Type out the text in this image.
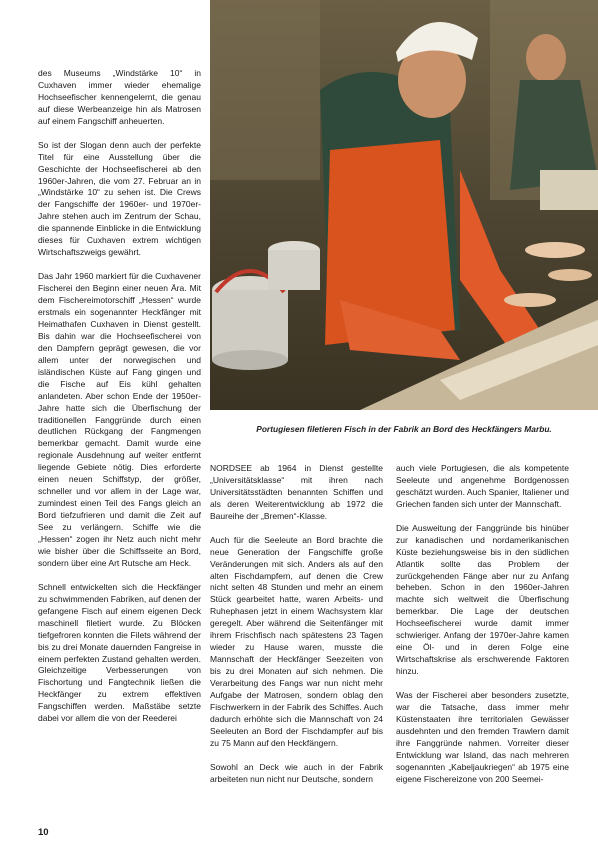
des Museums „Windstärke 10“ in Cuxhaven immer wieder ehemalige Hochseefischer kennengelernt, die genau auf diese Werbeanzeige hin als Matrosen auf einem Fangschiff anheuerten.

So ist der Slogan denn auch der perfekte Titel für eine Ausstellung über die Geschichte der Hochseefischerei ab den 1960er-Jahren, die vom 27. Februar an in „Windstärke 10“ zu sehen ist. Die Crews der Fangschiffe der 1960er- und 1970er-Jahre stehen auch im Zentrum der Schau, die spannende Einblicke in die Entwicklung dieses für Cuxhaven extrem wichtigen Wirtschaftszweigs gewährt.

Das Jahr 1960 markiert für die Cuxhavener Fischerei den Beginn einer neuen Ära. Mit dem Fischereimotorschiff „Hessen“ wurde erstmals ein sogenannter Heckfänger mit Heimathafen Cuxhaven in Dienst gestellt. Bis dahin war die Hochseefischerei von den Dampfern geprägt gewesen, die vor allem unter der norwegischen und isländischen Küste auf Fang gingen und die Fische auf Eis kühl gehalten anlandeten. Aber schon Ende der 1950er-Jahre hatte sich die Überfischung der traditionellen Fanggründe durch einen deutlichen Rückgang der Fangmengen bemerkbar gemacht. Damit wurde eine regionale Ausdehnung auf weiter entfernt liegende Gebiete nötig. Dies erforderte einen neuen Schiffstyp, der größer, schneller und vor allem in der Lage war, zumindest einen Teil des Fangs gleich an Bord tiefzufrieren und damit die Zeit auf See zu verlängern. Schiffe wie die „Hessen“ zogen ihr Netz auch nicht mehr wie bisher über die Schiffsseite an Bord, sondern über eine Art Rutsche am Heck.

Schnell entwickelten sich die Heckfänger zu schwimmenden Fabriken, auf denen der gefangene Fisch auf einem eigenen Deck maschinell filetiert wurde. Zu Blöcken tiefgefroren konnten die Filets während der bis zu drei Monate dauernden Fangreise in einem perfekten Zustand gehalten werden. Gleichzeitige Verbesserungen von Fischortung und Fangtechnik ließen die Heckfänger zu extrem effektiven Fangschiffen werden. Maßstäbe setzte dabei vor allem die von der Reederei

Portugiesen filetieren Fisch in der Fabrik an Bord des Heckfängers Marbu.

NORDSEE ab 1964 in Dienst gestellte „Universitätsklasse“ mit ihren nach Universitätsstädten benannten Schiffen und als deren Weiterentwicklung ab 1972 die Baureihe der „Bremen“-Klasse.

Auch für die Seeleute an Bord brachte die neue Generation der Fangschiffe große Veränderungen mit sich. Anders als auf den alten Fischdampfern, auf denen die Crew nicht selten 48 Stunden und mehr an einem Stück gearbeitet hatte, waren Arbeits- und Ruhephasen jetzt in einem Wachsystem klar geregelt. Aber während die Seitenfänger mit ihrem Frischfisch nach spätestens 23 Tagen wieder zu Hause waren, musste die Mannschaft der Heckfänger Seezeiten von bis zu drei Monaten auf sich nehmen. Die Verarbeitung des Fangs war nun nicht mehr Aufgabe der Matrosen, sondern oblag den Fischwerkern in der Fabrik des Schiffes. Auch dadurch erhöhte sich die Mannschaft von 24 Seeleuten an Bord der Fischdampfer auf bis zu 75 Mann auf den Heckfängern.

Sowohl an Deck wie auch in der Fabrik arbeiteten nun nicht nur Deutsche, sondern

auch viele Portugiesen, die als kompetente Seeleute und angenehme Bordgenossen geschätzt wurden. Auch Spanier, Italiener und Griechen fanden sich unter der Mannschaft.

Die Ausweitung der Fanggründe bis hinüber zur kanadischen und nordamerikanischen Küste beziehungsweise bis in den südlichen Atlantik sollte das Problem der zurückgehenden Fänge aber nur zu Anfang beheben. Schon in den 1960er-Jahren machte sich weltweit die Überfischung bemerkbar. Die Lage der deutschen Hochseefischerei wurde damit immer schwieriger. Anfang der 1970er-Jahre kamen eine Öl- und in deren Folge eine Wirtschaftskrise als erschwerende Faktoren hinzu.

Was der Fischerei aber besonders zusetzte, war die Tatsache, dass immer mehr Küstenstaaten ihre territorialen Gewässer ausdehnten und den fremden Trawlern damit ihre Fanggründe nahmen. Vorreiter dieser Entwicklung war Island, das nach mehreren sogenannten „Kabeljaukriegen“ ab 1975 eine eigene Fischereizone von 200 Seemei-

10
